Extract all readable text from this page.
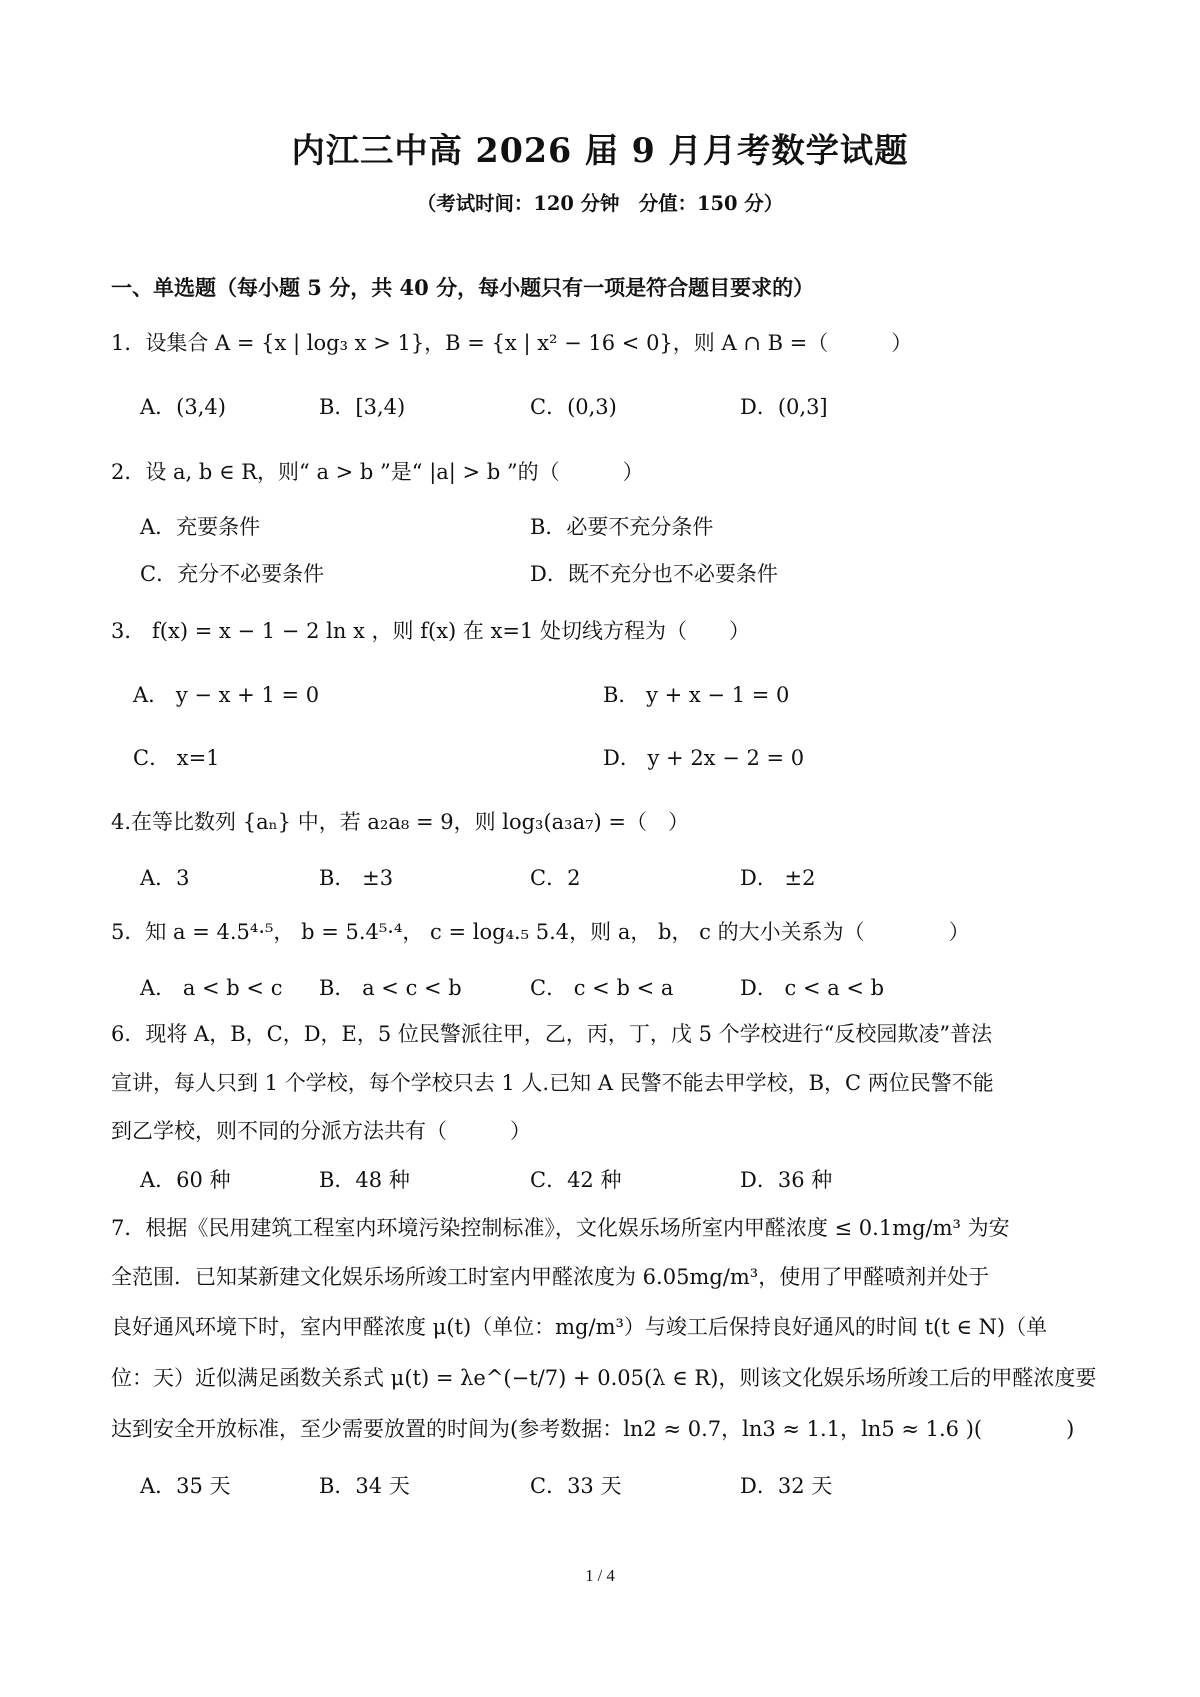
内江三中高 2026 届 9 月月考数学试题
（考试时间：120 分钟　分值：150 分）
一、单选题（每小题 5 分，共 40 分，每小题只有一项是符合题目要求的）
1．设集合 A = {x | log₃ x > 1}，B = {x | x² − 16 < 0}，则 A ∩ B =（　　　）
A．(3,4)	B．[3,4)	C．(0,3)	D．(0,3]
2．设 a, b ∈ R，则“ a > b ”是“ |a| > b ”的（　　　）
A．充要条件	B．必要不充分条件
C．充分不必要条件	D．既不充分也不必要条件
3． f(x) = x − 1 − 2 ln x ，则 f(x) 在 x=1 处切线方程为（　　）
A． y − x + 1 = 0	B． y + x − 1 = 0
C． x=1	D． y + 2x − 2 = 0
4.在等比数列 {aₙ} 中，若 a₂a₈ = 9，则 log₃(a₃a₇) =（　）
A．3	B． ±3	C．2	D． ±2
5．知 a = 4.5⁴·⁵， b = 5.4⁵·⁴， c = log₄.₅ 5.4，则 a， b， c 的大小关系为（　　　　）
A． a < b < c B． a < c < b	C． c < b < a	D． c < a < b
6．现将 A，B，C，D，E，5 位民警派往甲，乙，丙，丁，戊 5 个学校进行“反校园欺凌”普法
宣讲，每人只到 1 个学校，每个学校只去 1 人.已知 A 民警不能去甲学校，B，C 两位民警不能
到乙学校，则不同的分派方法共有（　　　）
A．60 种	B．48 种	C．42 种	D．36 种
7．根据《民用建筑工程室内环境污染控制标准》，文化娱乐场所室内甲醛浓度 ≤ 0.1mg/m³ 为安
全范围．已知某新建文化娱乐场所竣工时室内甲醛浓度为 6.05mg/m³，使用了甲醛喷剂并处于
良好通风环境下时，室内甲醛浓度 μ(t)（单位：mg/m³）与竣工后保持良好通风的时间 t(t ∈ N)（单
位：天）近似满足函数关系式 μ(t) = λe^(−t/7) + 0.05(λ ∈ R)，则该文化娱乐场所竣工后的甲醛浓度要
达到安全开放标准，至少需要放置的时间为(参考数据：ln2 ≈ 0.7，ln3 ≈ 1.1，ln5 ≈ 1.6 )(　　　　)
A．35 天	B．34 天	C．33 天	D．32 天
1 / 4
